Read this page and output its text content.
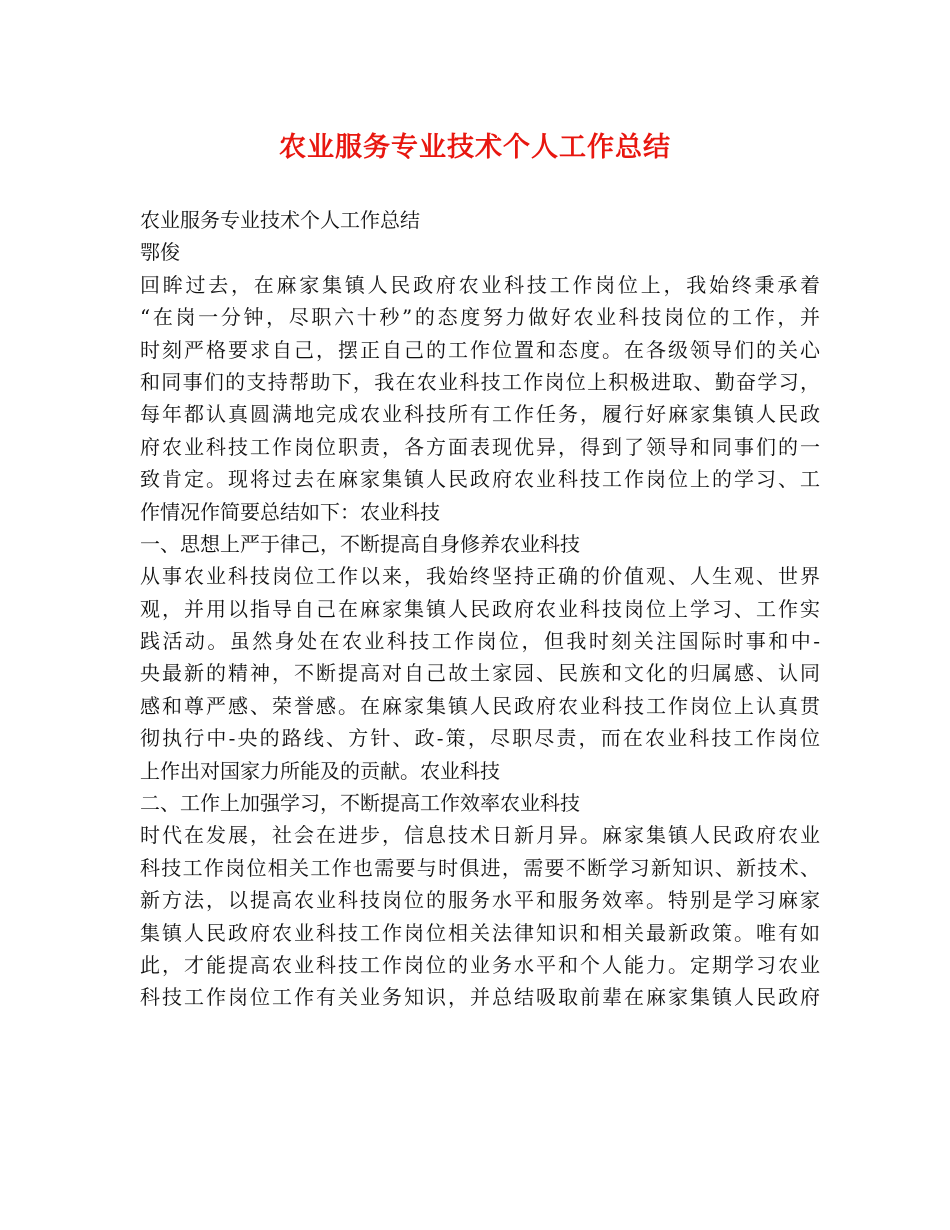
农业服务专业技术个人工作总结
农业服务专业技术个人工作总结
鄂俊
回眸过去，在麻家集镇人民政府农业科技工作岗位上，我始终秉承着
“在岗一分钟，尽职六十秒”的态度努力做好农业科技岗位的工作，并
时刻严格要求自己，摆正自己的工作位置和态度。在各级领导们的关心
和同事们的支持帮助下，我在农业科技工作岗位上积极进取、勤奋学习，
每年都认真圆满地完成农业科技所有工作任务，履行好麻家集镇人民政
府农业科技工作岗位职责，各方面表现优异，得到了领导和同事们的一
致肯定。现将过去在麻家集镇人民政府农业科技工作岗位上的学习、工
作情况作简要总结如下：农业科技
一、思想上严于律己，不断提高自身修养农业科技
从事农业科技岗位工作以来，我始终坚持正确的价值观、人生观、世界
观，并用以指导自己在麻家集镇人民政府农业科技岗位上学习、工作实
践活动。虽然身处在农业科技工作岗位，但我时刻关注国际时事和中-
央最新的精神，不断提高对自己故土家园、民族和文化的归属感、认同
感和尊严感、荣誉感。在麻家集镇人民政府农业科技工作岗位上认真贯
彻执行中-央的路线、方针、政-策，尽职尽责，而在农业科技工作岗位
上作出对国家力所能及的贡献。农业科技
二、工作上加强学习，不断提高工作效率农业科技
时代在发展，社会在进步，信息技术日新月异。麻家集镇人民政府农业
科技工作岗位相关工作也需要与时俱进，需要不断学习新知识、新技术、
新方法，以提高农业科技岗位的服务水平和服务效率。特别是学习麻家
集镇人民政府农业科技工作岗位相关法律知识和相关最新政策。唯有如
此，才能提高农业科技工作岗位的业务水平和个人能力。定期学习农业
科技工作岗位工作有关业务知识，并总结吸取前辈在麻家集镇人民政府
